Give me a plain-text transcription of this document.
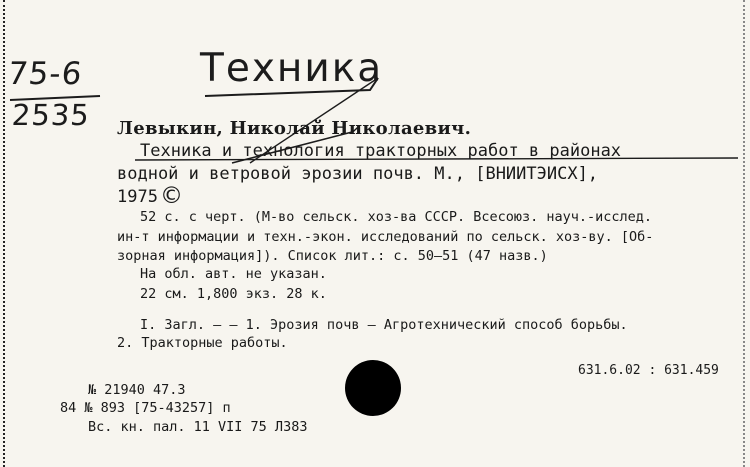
75-6
2535
Техника
Левыкин, Николай Николаевич.
Техника и технология тракторных работ в районах
водной и ветровой эрозии почв. М., [ВНИИТЭИСХ],
1975 ©
52 с. с черт. (М-во сельск. хоз-ва СССР. Всесоюз. науч.-исслед.
ин-т информации и техн.-экон. исследований по сельск. хоз-ву. [Об-
зорная информация]). Список лит.: с. 50—51 (47 назв.)
На обл. авт. не указан.
22 см. 1,800 экз. 28 к.
I. Загл. — — 1. Эрозия почв — Агротехнический способ борьбы.
2. Тракторные работы.
631.6.02 : 631.459
№ 21940 47.3
84 № 893 [75-43257] п
Вс. кн. пал. 11 VII 75 Л383
